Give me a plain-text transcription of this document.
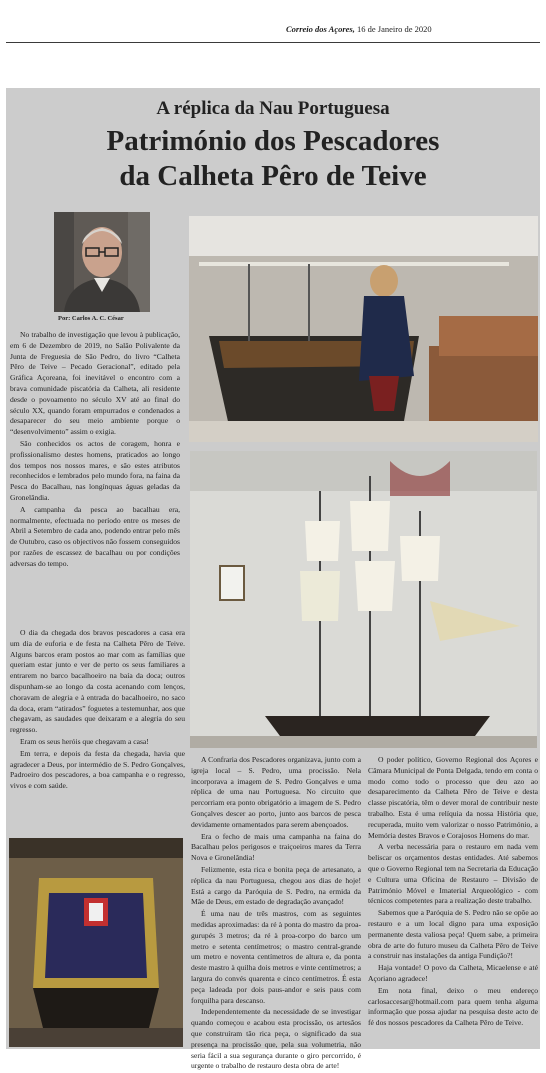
Correio dos Açores, 16 de Janeiro de 2020
A réplica da Nau Portuguesa
Património dos Pescadores
da Calheta Pêro de Teive
Por: Carlos A. C. César

No trabalho de investigação que levou à publicação, em 6 de Dezembro de 2019, no Salão Polivalente da Junta de Freguesia de São Pedro, do livro “Calheta Pêro de Teive – Pecado Geracional”, editado pela Gráfica Açoreana, foi inevitável o encontro com a brava comunidade piscatória da Calheta, ali residente desde o povoamento no século XV até ao final do século XX, quando foram empurrados e condenados a desaparecer do seu meio ambiente porque o “desenvolvimento” assim o exigia.

São conhecidos os actos de coragem, honra e profissionalismo destes homens, praticados ao longo dos tempos nos nossos mares, e são estes atributos reconhecidos e lembrados pelo mundo fora, na faina da Pesca do Bacalhau, nas longínquas águas geladas da Gronelândia.

A campanha da pesca ao bacalhau era, normalmente, efectuada no período entre os meses de Abril a Setembro de cada ano, podendo entrar pelo mês de Outubro, caso os objectivos não fossem conseguidos por razões de escassez de bacalhau ou por condições adversas do tempo.

O dia da chegada dos bravos pescadores a casa era um dia de euforia e de festa na Calheta Pêro de Teive. Alguns barcos eram postos ao mar com as famílias que queriam estar junto e ver de perto os seus familiares a entrarem no barco bacalhoeiro na baía da doca; outros dispunham-se ao longo da costa acenando com lenços, choravam de alegria e à entrada do bacalhoeiro, no saco da doca, eram “atirados” foguetes a testemunhar, aos que chegavam, as saudades que deixaram e a alegria do seu regresso.

Eram os seus heróis que chegavam a casa!

Em terra, e depois da festa da chegada, havia que agradecer a Deus, por intermédio de S. Pedro Gonçalves, Padroeiro dos pescadores, a boa campanha e o regresso, vivos e com saúde.

A Confraria dos Pescadores organizava, junto com a igreja local – S. Pedro, uma procissão. Nela incorporava a imagem de S. Pedro Gonçalves e uma réplica de uma nau Portuguesa. No circuito que percorriam era ponto obrigatório a imagem de S. Pedro Gonçalves descer ao porto, junto aos barcos de pesca devidamente ornamentados para serem abençoados.

Era o fecho de mais uma campanha na faina do Bacalhau pelos perigosos e traiçoeiros mares da Terra Nova e Gronelândia!

Felizmente, esta rica e bonita peça de artesanato, a réplica da nau Portuguesa, chegou aos dias de hoje! Está a cargo da Paróquia de S. Pedro, na ermida da Mãe de Deus, em estado de degradação avançado!

É uma nau de três mastros, com as seguintes medidas aproximadas: da ré à ponta do mastro da proa-gurupés 3 metros; da ré à proa-corpo do barco um metro e setenta centímetros; o mastro central-grande um metro e noventa centímetros de altura e, da ponta deste mastro à quilha dois metros e vinte centímetros; a largura do convés quarenta e cinco centímetros. É esta peça ladeada por dois paus-andor e seis paus com forquilha para descanso.

Independentemente da necessidade de se investigar quando começou e acabou esta procissão, os artesãos que construíram tão rica peça, o significado da sua presença na procissão que, pela sua volumetria, não seria fácil a sua segurança durante o giro percorrido, é urgente o trabalho de restauro desta obra de arte!

O poder político, Governo Regional dos Açores e Câmara Municipal de Ponta Delgada, tendo em conta o modo como todo o processo que deu azo ao desaparecimento da Calheta Pêro de Teive e desta classe piscatória, têm o dever moral de contribuir neste trabalho. Esta é uma relíquia da nossa História que, recuperada, muito vem valorizar o nosso Património, a Memória destes Bravos e Corajosos Homens do mar.

A verba necessária para o restauro em nada vem beliscar os orçamentos destas entidades. Até sabemos que o Governo Regional tem na Secretaria da Educação e Cultura uma Oficina de Restauro – Divisão de Património Móvel e Imaterial Arqueológico - com técnicos competentes para a realização deste trabalho.

Sabemos que a Paróquia de S. Pedro não se opõe ao restauro e a um local digno para uma exposição permanente desta valiosa peça! Quem sabe, a primeira obra de arte do futuro museu da Calheta Pêro de Teive a construir nas instalações da antiga Fundição?!

Haja vontade! O povo da Calheta, Micaelense e até Açoriano agradece!

Em nota final, deixo o meu endereço carlosaccesar@hotmail.com para quem tenha alguma informação que possa ajudar na pesquisa deste acto de fé dos nossos pescadores da Calheta Pêro de Teive.
